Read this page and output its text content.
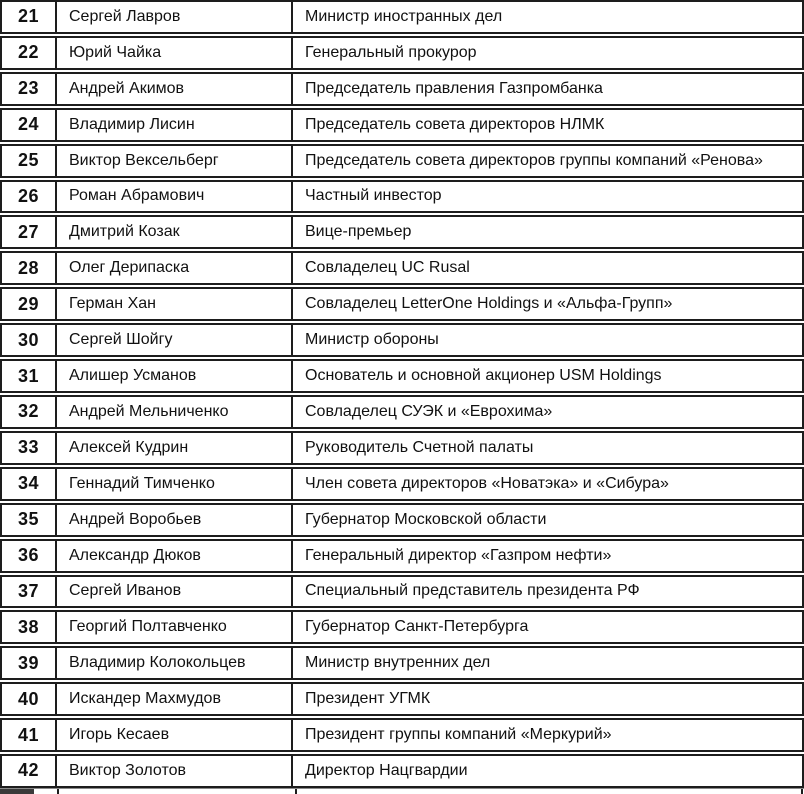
21	Сергей Лавров	Министр иностранных дел
22	Юрий Чайка	Генеральный прокурор
23	Андрей Акимов	Председатель правления Газпромбанка
24	Владимир Лисин	Председатель совета директоров НЛМК
25	Виктор Вексельберг	Председатель совета директоров группы компаний «Ренова»
26	Роман Абрамович	Частный инвестор
27	Дмитрий Козак	Вице-премьер
28	Олег Дерипаска	Совладелец UC Rusal
29	Герман Хан	Совладелец LetterOne Holdings и «Альфа-Групп»
30	Сергей Шойгу	Министр обороны
31	Алишер Усманов	Основатель и основной акционер USM Holdings
32	Андрей Мельниченко	Совладелец СУЭК и «Еврохима»
33	Алексей Кудрин	Руководитель Счетной палаты
34	Геннадий Тимченко	Член совета директоров «Новатэка» и «Сибура»
35	Андрей Воробьев	Губернатор Московской области
36	Александр Дюков	Генеральный директор «Газпром нефти»
37	Сергей Иванов	Специальный представитель президента РФ
38	Георгий Полтавченко	Губернатор Санкт-Петербурга
39	Владимир Колокольцев	Министр внутренних дел
40	Искандер Махмудов	Президент УГМК
41	Игорь Кесаев	Президент группы компаний «Меркурий»
42	Виктор Золотов	Директор Нацгвардии
